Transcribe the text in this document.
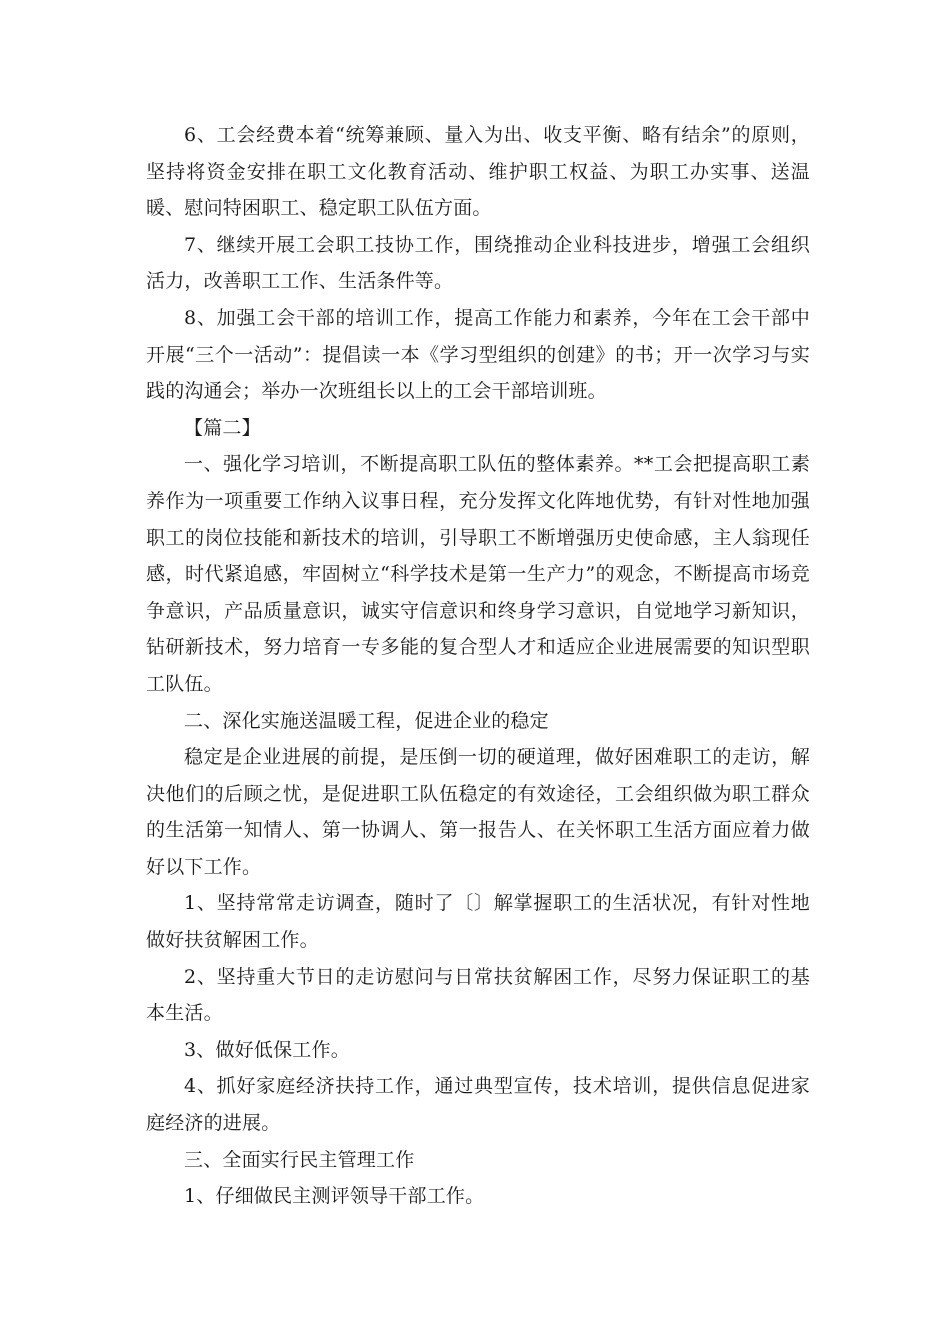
6、工会经费本着“统筹兼顾、量入为出、收支平衡、略有结余”的原则，坚持将资金安排在职工文化教育活动、维护职工权益、为职工办实事、送温暖、慰问特困职工、稳定职工队伍方面。

7、继续开展工会职工技协工作，围绕推动企业科技进步，增强工会组织活力，改善职工工作、生活条件等。

8、加强工会干部的培训工作，提高工作能力和素养，今年在工会干部中开展“三个一活动”：提倡读一本《学习型组织的创建》的书；开一次学习与实践的沟通会；举办一次班组长以上的工会干部培训班。

【篇二】

一、强化学习培训，不断提高职工队伍的整体素养。**工会把提高职工素养作为一项重要工作纳入议事日程，充分发挥文化阵地优势，有针对性地加强职工的岗位技能和新技术的培训，引导职工不断增强历史使命感，主人翁现任感，时代紧追感，牢固树立“科学技术是第一生产力”的观念，不断提高市场竞争意识，产品质量意识，诚实守信意识和终身学习意识，自觉地学习新知识，钻研新技术，努力培育一专多能的复合型人才和适应企业进展需要的知识型职工队伍。

二、深化实施送温暖工程，促进企业的稳定

稳定是企业进展的前提，是压倒一切的硬道理，做好困难职工的走访，解决他们的后顾之忧，是促进职工队伍稳定的有效途径，工会组织做为职工群众的生活第一知情人、第一协调人、第一报告人、在关怀职工生活方面应着力做好以下工作。

1、坚持常常走访调查，随时了〔〕解掌握职工的生活状况，有针对性地做好扶贫解困工作。

2、坚持重大节日的走访慰问与日常扶贫解困工作，尽努力保证职工的基本生活。

3、做好低保工作。

4、抓好家庭经济扶持工作，通过典型宣传，技术培训，提供信息促进家庭经济的进展。

三、全面实行民主管理工作

1、仔细做民主测评领导干部工作。
